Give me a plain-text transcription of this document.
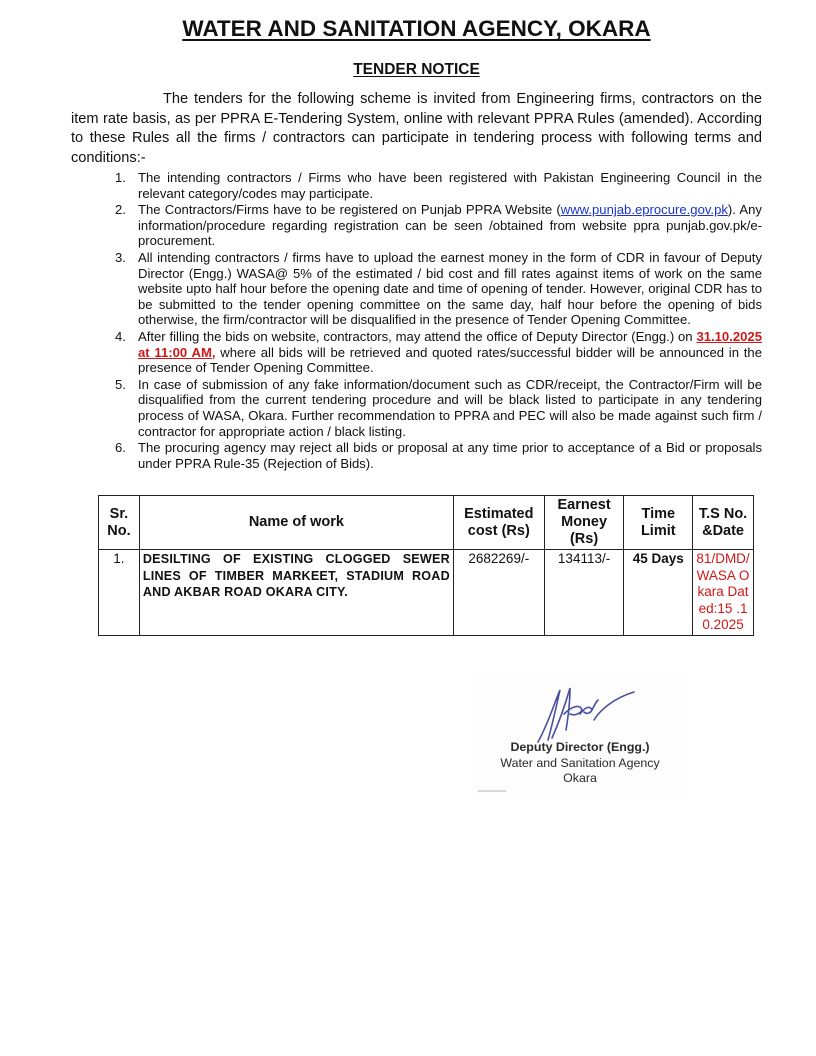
WATER AND SANITATION AGENCY, OKARA
TENDER NOTICE
The tenders for the following scheme is invited from Engineering firms, contractors on the item rate basis, as per PPRA E-Tendering System, online with relevant PPRA Rules (amended). According to these Rules all the firms / contractors can participate in tendering process with following terms and conditions:-
1. The intending contractors / Firms who have been registered with Pakistan Engineering Council in the relevant category/codes may participate.
2. The Contractors/Firms have to be registered on Punjab PPRA Website (www.punjab.eprocure.gov.pk). Any information/procedure regarding registration can be seen /obtained from website ppra punjab.gov.pk/e-procurement.
3. All intending contractors / firms have to upload the earnest money in the form of CDR in favour of Deputy Director (Engg.) WASA@ 5% of the estimated / bid cost and fill rates against items of work on the same website upto half hour before the opening date and time of opening of tender. However, original CDR has to be submitted to the tender opening committee on the same day, half hour before the opening of bids otherwise, the firm/contractor will be disqualified in the presence of Tender Opening Committee.
4. After filling the bids on website, contractors, may attend the office of Deputy Director (Engg.) on 31.10.2025 at 11:00 AM, where all bids will be retrieved and quoted rates/successful bidder will be announced in the presence of Tender Opening Committee.
5. In case of submission of any fake information/document such as CDR/receipt, the Contractor/Firm will be disqualified from the current tendering procedure and will be black listed to participate in any tendering process of WASA, Okara. Further recommendation to PPRA and PEC will also be made against such firm / contractor for appropriate action / black listing.
6. The procuring agency may reject all bids or proposal at any time prior to acceptance of a Bid or proposals under PPRA Rule-35 (Rejection of Bids).
Sr. No.	Name of work	Estimated cost (Rs)	Earnest Money (Rs)	Time Limit	T.S No. &Date
1.	DESILTING OF EXISTING CLOGGED SEWER LINES OF TIMBER MARKEET, STADIUM ROAD AND AKBAR ROAD OKARA CITY.	2682269/-	134113/-	45 Days	81/DMD/ WASA Okara Dated:15 .10.2025
Deputy Director (Engg.)
Water and Sanitation Agency
Okara
